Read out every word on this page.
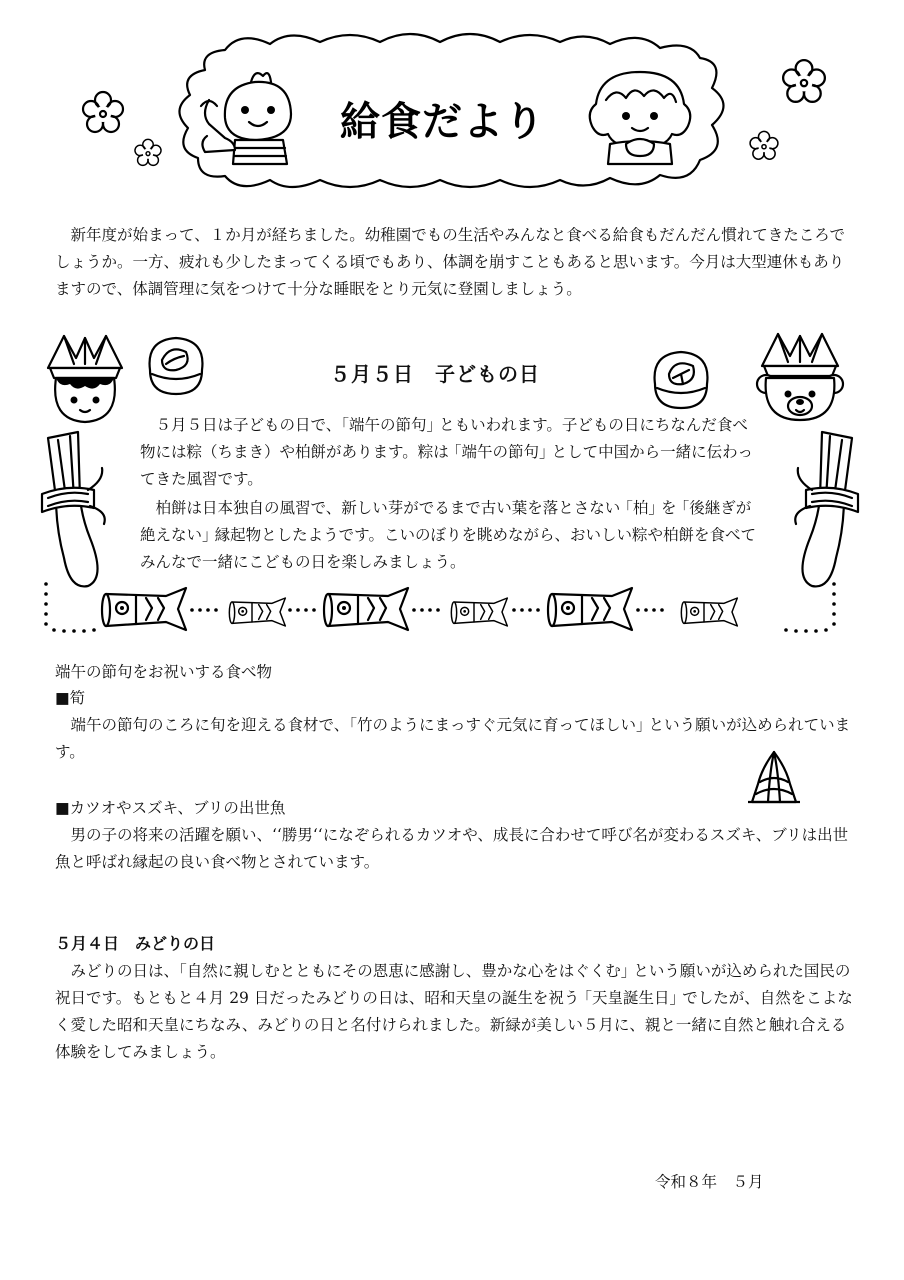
給食だより

新年度が始まって、１か月が経ちました。幼稚園でもの生活やみんなと食べる給食もだんだん慣れてきたころでしょうか。一方、疲れも少したまってくる頃でもあり、体調を崩すこともあると思います。今月は大型連休もありますので、体調管理に気をつけて十分な睡眠をとり元気に登園しましょう。

５月５日　子どもの日

５月５日は子どもの日で、｢端午の節句｣ ともいわれます。子どもの日にちなんだ食べ物には粽（ちまき）や柏餅があります。粽は ｢端午の節句｣ として中国から一緒に伝わってきた風習です。

柏餅は日本独自の風習で、新しい芽がでるまで古い葉を落とさない ｢柏｣ を ｢後継ぎが絶えない｣ 縁起物としたようです。こいのぼりを眺めながら、おいしい粽や柏餅を食べてみんなで一緒にこどもの日を楽しみましょう。

端午の節句をお祝いする食べ物
■筍

端午の節句のころに旬を迎える食材で、｢竹のようにまっすぐ元気に育ってほしい｣ という願いが込められています。

■カツオやスズキ、ブリの出世魚

男の子の将来の活躍を願い、‘‘勝男‘‘になぞられるカツオや、成長に合わせて呼び名が変わるスズキ、ブリは出世魚と呼ばれ縁起の良い食べ物とされています。

５月４日　みどりの日

みどりの日は、｢自然に親しむとともにその恩恵に感謝し、豊かな心をはぐくむ｣ という願いが込められた国民の祝日です。もともと４月 29 日だったみどりの日は、昭和天皇の誕生を祝う ｢天皇誕生日｣ でしたが、自然をこよなく愛した昭和天皇にちなみ、みどりの日と名付けられました。新緑が美しい５月に、親と一緒に自然と触れ合える体験をしてみましょう。

令和８年　５月
